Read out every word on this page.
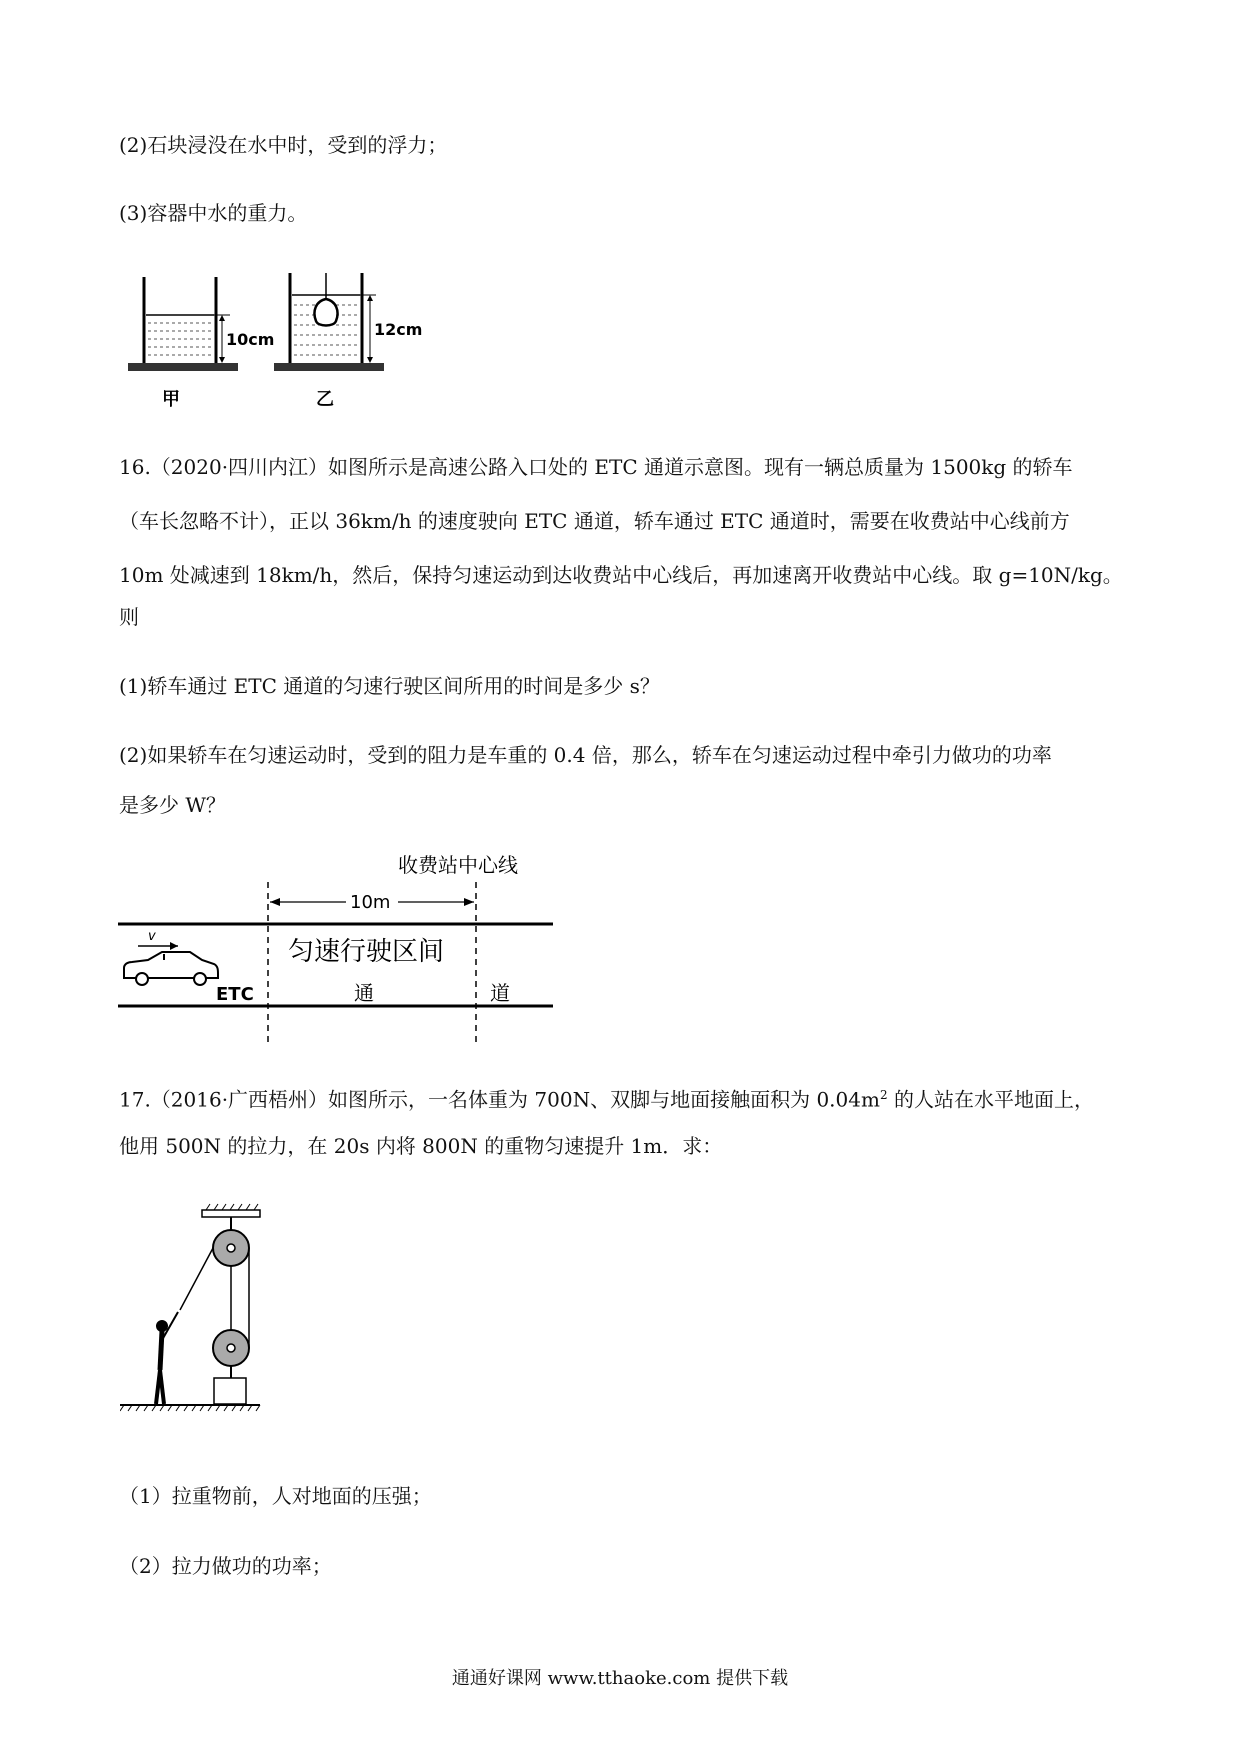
(2)石块浸没在水中时，受到的浮力；
(3)容器中水的重力。
10cm
甲
12cm
乙
16.（2020·四川内江）如图所示是高速公路入口处的 ETC 通道示意图。现有一辆总质量为 1500kg 的轿车
（车长忽略不计），正以 36km/h 的速度驶向 ETC 通道，轿车通过 ETC 通道时，需要在收费站中心线前方
10m 处减速到 18km/h，然后，保持匀速运动到达收费站中心线后，再加速离开收费站中心线。取 g=10N/kg。
则
(1)轿车通过 ETC 通道的匀速行驶区间所用的时间是多少 s？
(2)如果轿车在匀速运动时，受到的阻力是车重的 0.4 倍，那么，轿车在匀速运动过程中牵引力做功的功率
是多少 W？
收费站中心线
10m
匀速行驶区间
ETC	通	道
v
17.（2016·广西梧州）如图所示，一名体重为 700N、双脚与地面接触面积为 $0.04m^2$ 的人站在水平地面上，
他用 500N 的拉力，在 20s 内将 800N 的重物匀速提升 1m．求：
（1）拉重物前，人对地面的压强；
（2）拉力做功的功率；
通通好课网 www.tthaoke.com 提供下载
